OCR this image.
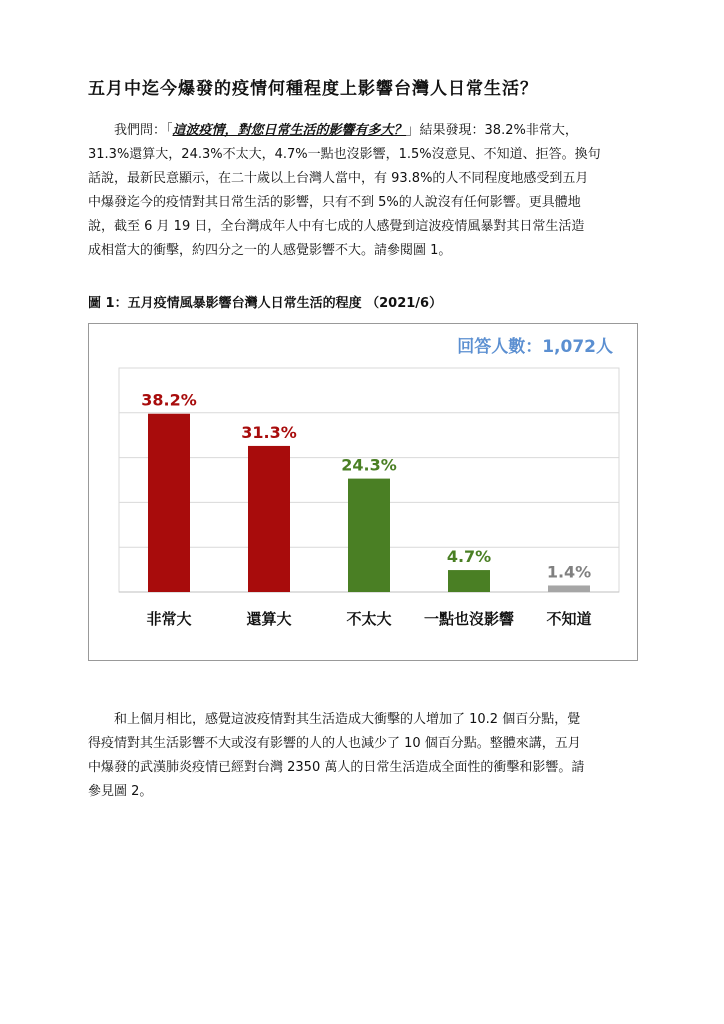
五月中迄今爆發的疫情何種程度上影響台灣人日常生活？
我們問：「這波疫情，對您日常生活的影響有多大？」結果發現：38.2%非常大，
31.3%還算大，24.3%不太大，4.7%一點也沒影響，1.5%沒意見、不知道、拒答。換句
話說，最新民意顯示，在二十歲以上台灣人當中，有 93.8%的人不同程度地感受到五月
中爆發迄今的疫情對其日常生活的影響，只有不到 5%的人說沒有任何影響。更具體地
說，截至 6 月 19 日，全台灣成年人中有七成的人感覺到這波疫情風暴對其日常生活造
成相當大的衝擊，約四分之一的人感覺影響不大。請參閱圖 1。
圖 1：五月疫情風暴影響台灣人日常生活的程度 （2021/6）
回答人數：1,072人
38.2%
非常大
31.3%
還算大
24.3%
不太大
4.7%
一點也沒影響
1.4%
不知道
和上個月相比，感覺這波疫情對其生活造成大衝擊的人增加了 10.2 個百分點，覺
得疫情對其生活影響不大或沒有影響的人的人也減少了 10 個百分點。整體來講，五月
中爆發的武漢肺炎疫情已經對台灣 2350 萬人的日常生活造成全面性的衝擊和影響。請
參見圖 2。
